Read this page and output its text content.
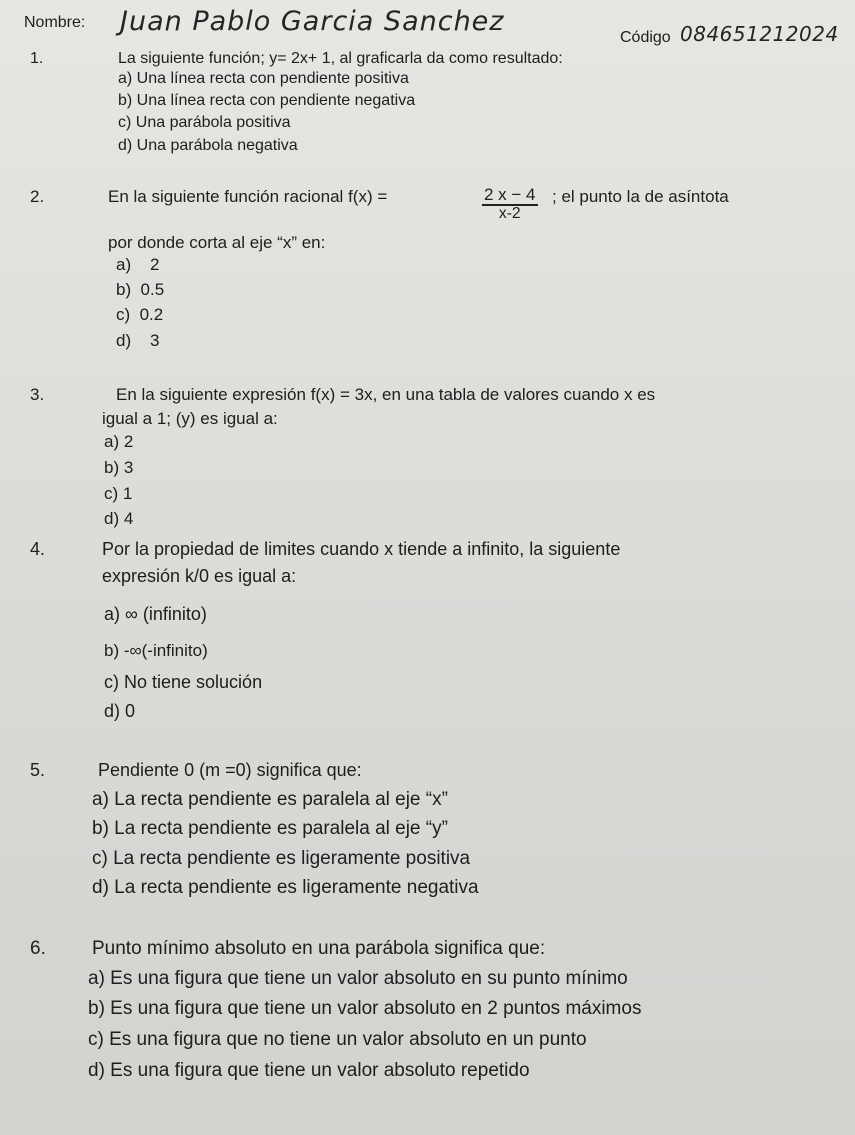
Nombre: Juan Pablo Garcia Sanchez
Código 084651212024
1.	La siguiente función; y= 2x+ 1, al graficarla da como resultado:
a) Una línea recta con pendiente positiva
b) Una línea recta con pendiente negativa
c) Una parábola positiva
d) Una parábola negativa
2.	En la siguiente función racional f(x) =	$\frac{2 x - 4}{x-2}$ ; el punto la de asíntota
por donde corta al eje “x” en:
a)    2
b)  0.5
c)  0.2
d)    3
3.	En la siguiente expresión f(x) = 3x, en una tabla de valores cuando x es
igual a 1; (y) es igual a:
a) 2
b) 3
c) 1
d) 4
4.	Por la propiedad de limites cuando x tiende a infinito, la siguiente
expresión k/0 es igual a:
a) ∞ (infinito)
b) -∞(-infinito)
c) No tiene solución
d) 0
5.	Pendiente 0 (m =0) significa que:
a) La recta pendiente es paralela al eje “x”
b) La recta pendiente es paralela al eje “y”
c) La recta pendiente es ligeramente positiva
d) La recta pendiente es ligeramente negativa
6. Punto mínimo absoluto en una parábola significa que:
a) Es una figura que tiene un valor absoluto en su punto mínimo
b) Es una figura que tiene un valor absoluto en 2 puntos máximos
c) Es una figura que no tiene un valor absoluto en un punto
d) Es una figura que tiene un valor absoluto repetido
